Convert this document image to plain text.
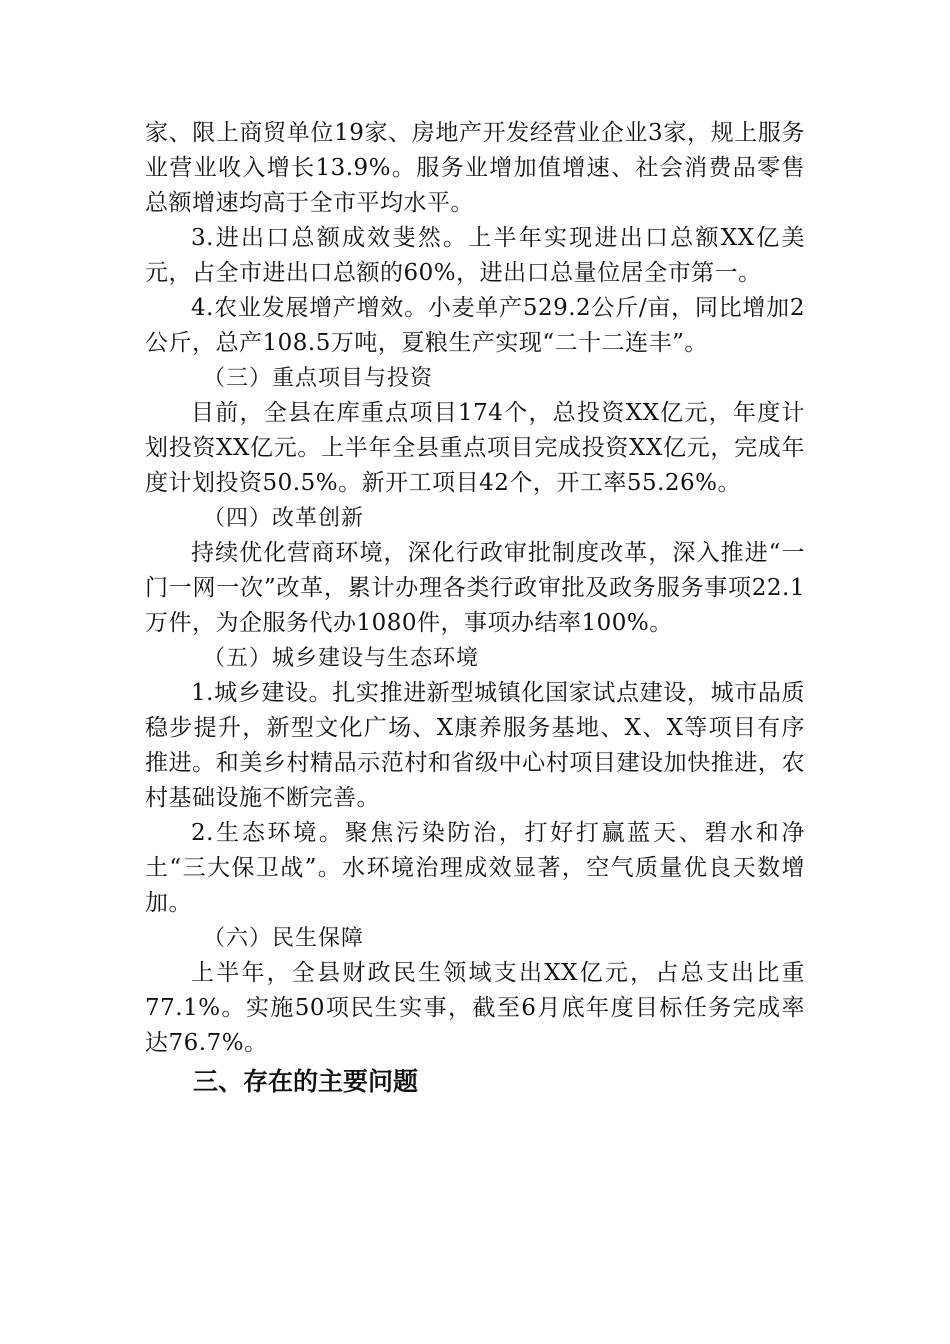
家、限上商贸单位19家、房地产开发经营业企业3家，规上服务业营业收入增长13.9%。服务业增加值增速、社会消费品零售总额增速均高于全市平均水平。

3.进出口总额成效斐然。上半年实现进出口总额XX亿美元，占全市进出口总额的60%，进出口总量位居全市第一。

4.农业发展增产增效。小麦单产529.2公斤/亩，同比增加2公斤，总产108.5万吨，夏粮生产实现“二十二连丰”。

（三）重点项目与投资

目前，全县在库重点项目174个，总投资XX亿元，年度计划投资XX亿元。上半年全县重点项目完成投资XX亿元，完成年度计划投资50.5%。新开工项目42个，开工率55.26%。

（四）改革创新

持续优化营商环境，深化行政审批制度改革，深入推进“一门一网一次”改革，累计办理各类行政审批及政务服务事项22.1万件，为企服务代办1080件，事项办结率100%。

（五）城乡建设与生态环境

1.城乡建设。扎实推进新型城镇化国家试点建设，城市品质稳步提升，新型文化广场、X康养服务基地、X、X等项目有序推进。和美乡村精品示范村和省级中心村项目建设加快推进，农村基础设施不断完善。

2.生态环境。聚焦污染防治，打好打赢蓝天、碧水和净土“三大保卫战”。水环境治理成效显著，空气质量优良天数增加。

（六）民生保障

上半年，全县财政民生领域支出XX亿元，占总支出比重77.1%。实施50项民生实事，截至6月底年度目标任务完成率达76.7%。

三、存在的主要问题
